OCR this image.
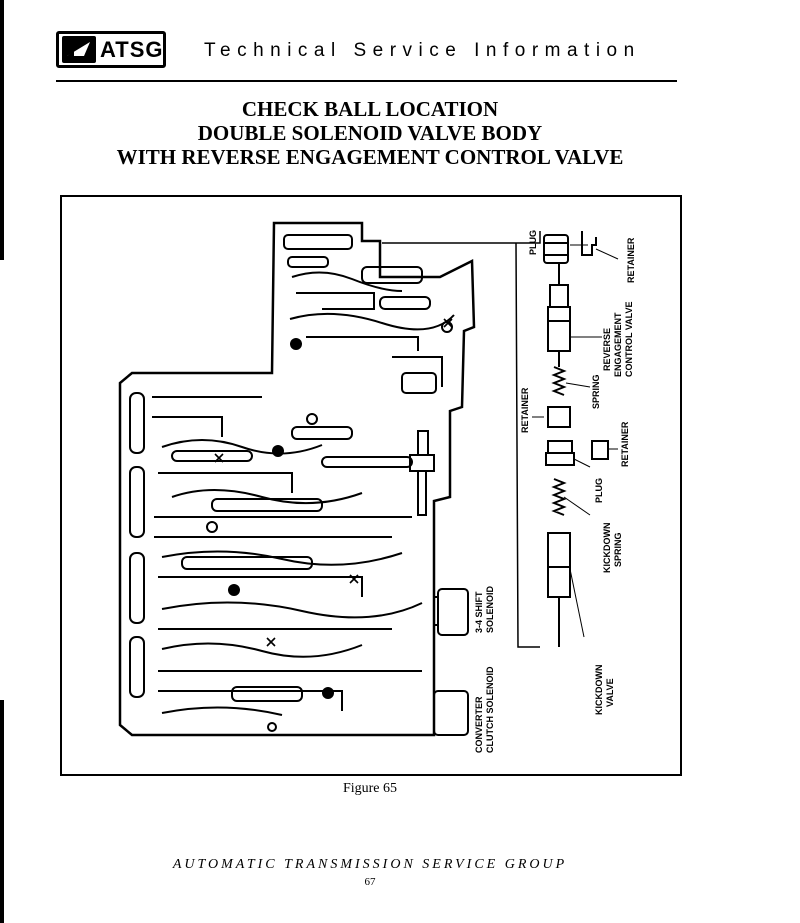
ATSG Technical Service Information
CHECK BALL LOCATION
DOUBLE SOLENOID VALVE BODY
WITH REVERSE ENGAGEMENT CONTROL VALVE
3-4 SHIFT SOLENOID
CONVERTER CLUTCH SOLENOID
PLUG	RETAINER
REVERSE ENGAGEMENT CONTROL VALVE
SPRING
RETAINER
RETAINER
PLUG
KICKDOWN SPRING
KICKDOWN VALVE
Figure 65
AUTOMATIC TRANSMISSION SERVICE GROUP
67
